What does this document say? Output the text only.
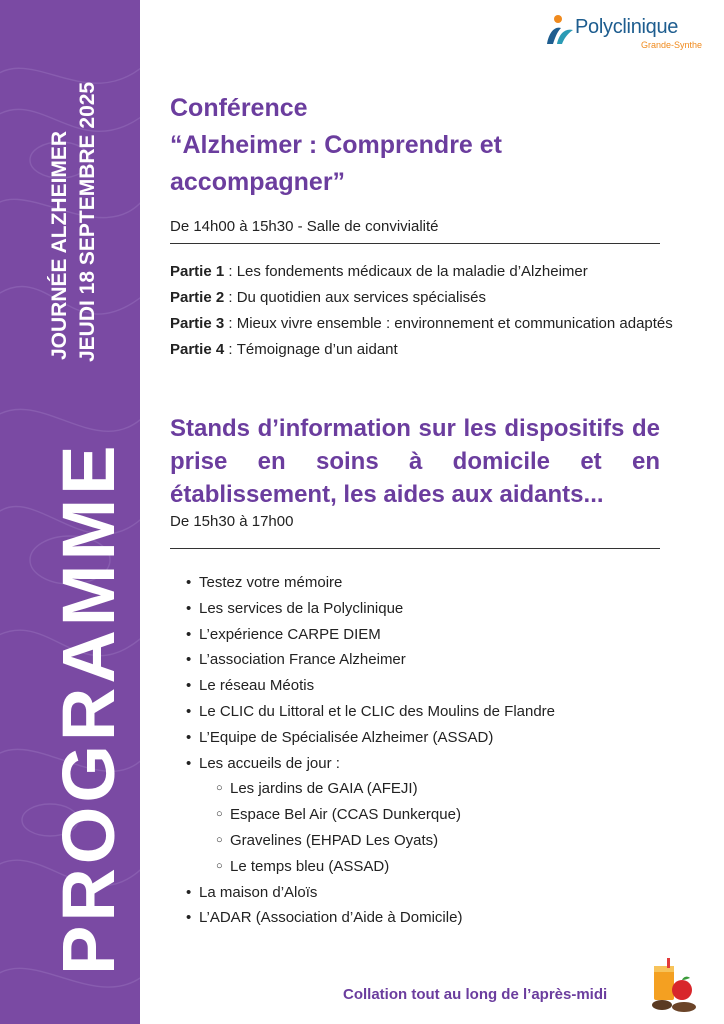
PROGRAMME
JOURNÉE ALZHEIMER JEUDI 18 SEPTEMBRE 2025
Polyclinique
Grande-Synthe
Conférence
“Alzheimer : Comprendre et
accompagner”
De 14h00 à 15h30 - Salle de convivialité
Partie 1 : Les fondements médicaux de la maladie d’Alzheimer
Partie 2 : Du quotidien aux services spécialisés
Partie 3 : Mieux vivre ensemble : environnement et communication adaptés
Partie 4 : Témoignage d’un aidant
Stands d’information sur les dispositifs de prise en soins à domicile et en établissement, les aides aux aidants...
De 15h30 à 17h00
• Testez votre mémoire
• Les services de la Polyclinique
• L’expérience CARPE DIEM
• L’association France Alzheimer
• Le réseau Méotis
• Le CLIC du Littoral et le CLIC des Moulins de Flandre
• L’Equipe de Spécialisée Alzheimer (ASSAD)
• Les accueils de jour :
○ Les jardins de GAIA (AFEJI)
○ Espace Bel Air (CCAS Dunkerque)
○ Gravelines (EHPAD Les Oyats)
○ Le temps bleu (ASSAD)
• La maison d’Aloïs
• L’ADAR (Association d’Aide à Domicile)
Collation tout au long de l’après-midi
